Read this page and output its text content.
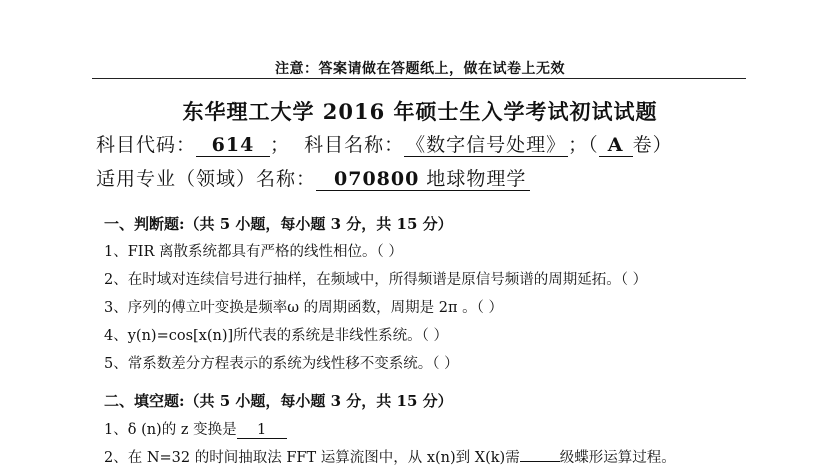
注意：答案请做在答题纸上，做在试卷上无效
东华理工大学 2016 年硕士生入学考试初试试题
科目代码： 614 ； 科目名称： 《数字信号处理》 ；（ A 卷）
适用专业（领域）名称： 070800 地球物理学
一、判断题:（共 5 小题，每小题 3 分，共 15 分）
1、FIR 离散系统都具有严格的线性相位。（ ）
2、在时域对连续信号进行抽样，在频域中，所得频谱是原信号频谱的周期延拓。（ ）
3、序列的傅立叶变换是频率ω 的周期函数，周期是 2π 。（ ）
4、y(n)=cos[x(n)]所代表的系统是非线性系统。（ ）
5、常系数差分方程表示的系统为线性移不变系统。（ ）
二、填空题:（共 5 小题，每小题 3 分，共 15 分）
1、δ (n)的 z 变换是 1
2、在 N=32 的时间抽取法 FFT 运算流图中，从 x(n)到 X(k)需	级蝶形运算过程。
